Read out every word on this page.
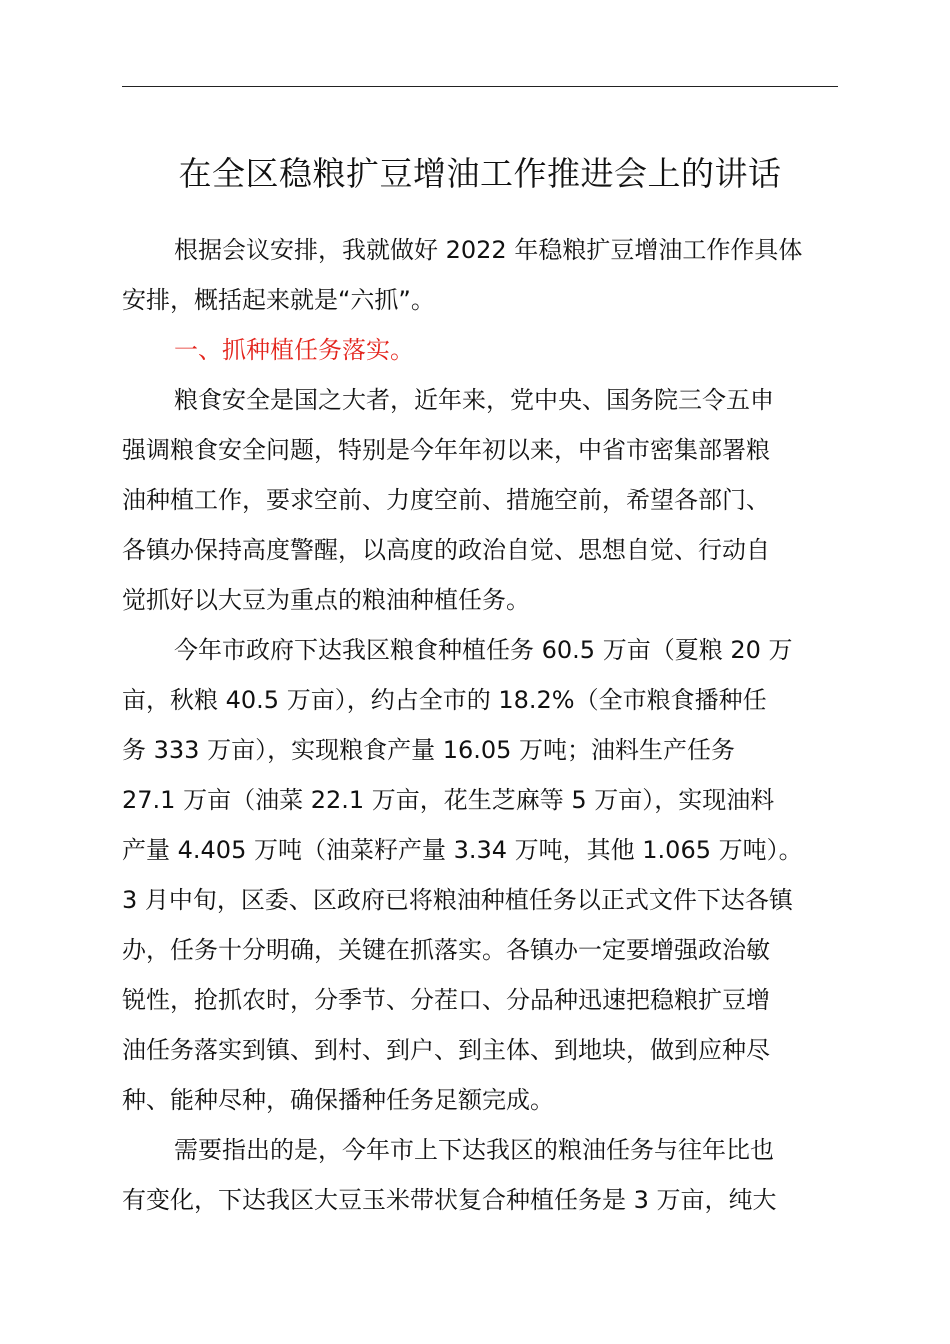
在全区稳粮扩豆增油工作推进会上的讲话
根据会议安排，我就做好 2022 年稳粮扩豆增油工作作具体
安排，概括起来就是“六抓”。
一、抓种植任务落实。
粮食安全是国之大者，近年来，党中央、国务院三令五申
强调粮食安全问题，特别是今年年初以来，中省市密集部署粮
油种植工作，要求空前、力度空前、措施空前，希望各部门、
各镇办保持高度警醒，以高度的政治自觉、思想自觉、行动自
觉抓好以大豆为重点的粮油种植任务。
今年市政府下达我区粮食种植任务 60.5 万亩（夏粮 20 万
亩，秋粮 40.5 万亩），约占全市的 18.2%（全市粮食播种任
务 333 万亩），实现粮食产量 16.05 万吨；油料生产任务
27.1 万亩（油菜 22.1 万亩，花生芝麻等 5 万亩），实现油料
产量 4.405 万吨（油菜籽产量 3.34 万吨，其他 1.065 万吨）。
3 月中旬，区委、区政府已将粮油种植任务以正式文件下达各镇
办，任务十分明确，关键在抓落实。各镇办一定要增强政治敏
锐性，抢抓农时，分季节、分茬口、分品种迅速把稳粮扩豆增
油任务落实到镇、到村、到户、到主体、到地块，做到应种尽
种、能种尽种，确保播种任务足额完成。
需要指出的是，今年市上下达我区的粮油任务与往年比也
有变化，下达我区大豆玉米带状复合种植任务是 3 万亩，纯大
